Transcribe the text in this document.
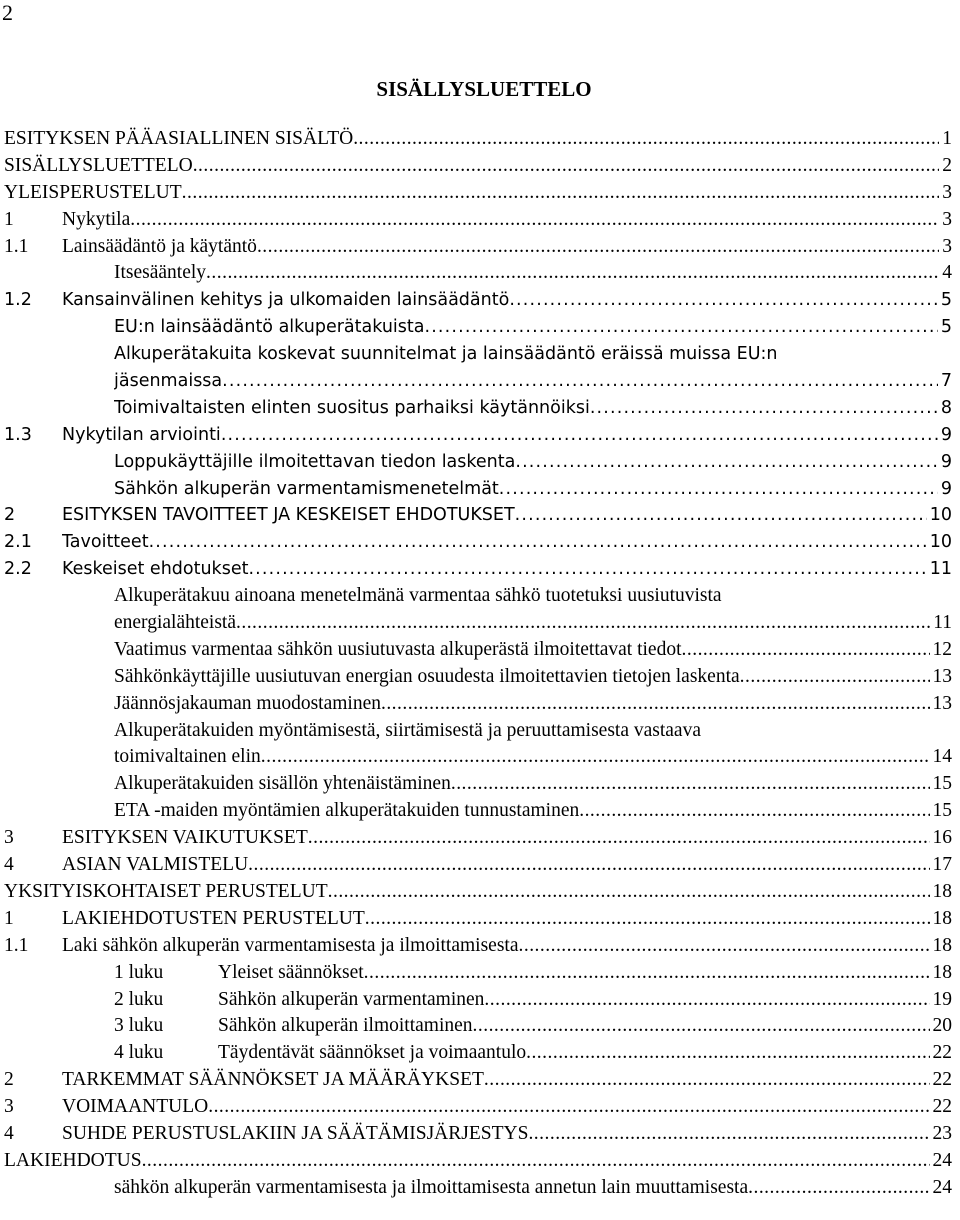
2
SISÄLLYSLUETTELO
ESITYKSEN PÄÄASIALLINEN SISÄLTÖ . . .	1
SISÄLLYSLUETTELO . . .	2
YLEISPERUSTELUT . . .	3
1 Nykytila . . .	3
1.1 Lainsäädäntö ja käytäntö . . .	3
Itsesääntely . . .	4
1.2 Kansainvälinen kehitys ja ulkomaiden lainsäädäntö . . .	5
EU:n lainsäädäntö alkuperätakuista . . .	5
Alkuperätakuita koskevat suunnitelmat ja lainsäädäntö eräissä muissa EU:n
jäsenmaissa . . .	7
Toimivaltaisten elinten suositus parhaiksi käytännöiksi . . .	8
1.3 Nykytilan arviointi . . .	9
Loppukäyttäjille ilmoitettavan tiedon laskenta . . .	9
Sähkön alkuperän varmentamismenetelmät . . .	9
2	ESITYKSEN TAVOITTEET JA KESKEISET EHDOTUKSET . . .	10
2.1 Tavoitteet . . .	10
2.2 Keskeiset ehdotukset . . .	11
Alkuperätakuu ainoana menetelmänä varmentaa sähkö tuotetuksi uusiutuvista
energialähteistä . . .	11
Vaatimus varmentaa sähkön uusiutuvasta alkuperästä ilmoitettavat tiedot . . .	12
Sähkönkäyttäjille uusiutuvan energian osuudesta ilmoitettavien tietojen laskenta . . .	13
Jäännösjakauman muodostaminen . . .	13
Alkuperätakuiden myöntämisestä, siirtämisestä ja peruuttamisesta vastaava
toimivaltainen elin . . .	14
Alkuperätakuiden sisällön yhtenäistäminen . . .	15
ETA -maiden myöntämien alkuperätakuiden tunnustaminen . . .	15
3 ESITYKSEN VAIKUTUKSET . . .	16
4 ASIAN VALMISTELU . . .	17
YKSITYISKOHTAISET PERUSTELUT . . .	18
1 LAKIEHDOTUSTEN PERUSTELUT . . .	18
1.1 Laki sähkön alkuperän varmentamisesta ja ilmoittamisesta . . .	18
1 luku	Yleiset säännökset . . .	18
2 luku	Sähkön alkuperän varmentaminen . . .	19
3 luku	Sähkön alkuperän ilmoittaminen . . .	20
4 luku	Täydentävät säännökset ja voimaantulo . . .	22
2 TARKEMMAT SÄÄNNÖKSET JA MÄÄRÄYKSET . . .	22
3 VOIMAANTULO . . .	22
4 SUHDE PERUSTUSLAKIIN JA SÄÄTÄMISJÄRJESTYS . . .	23
LAKIEHDOTUS . . .	24
sähkön alkuperän varmentamisesta ja ilmoittamisesta annetun lain muuttamisesta . . .	24
